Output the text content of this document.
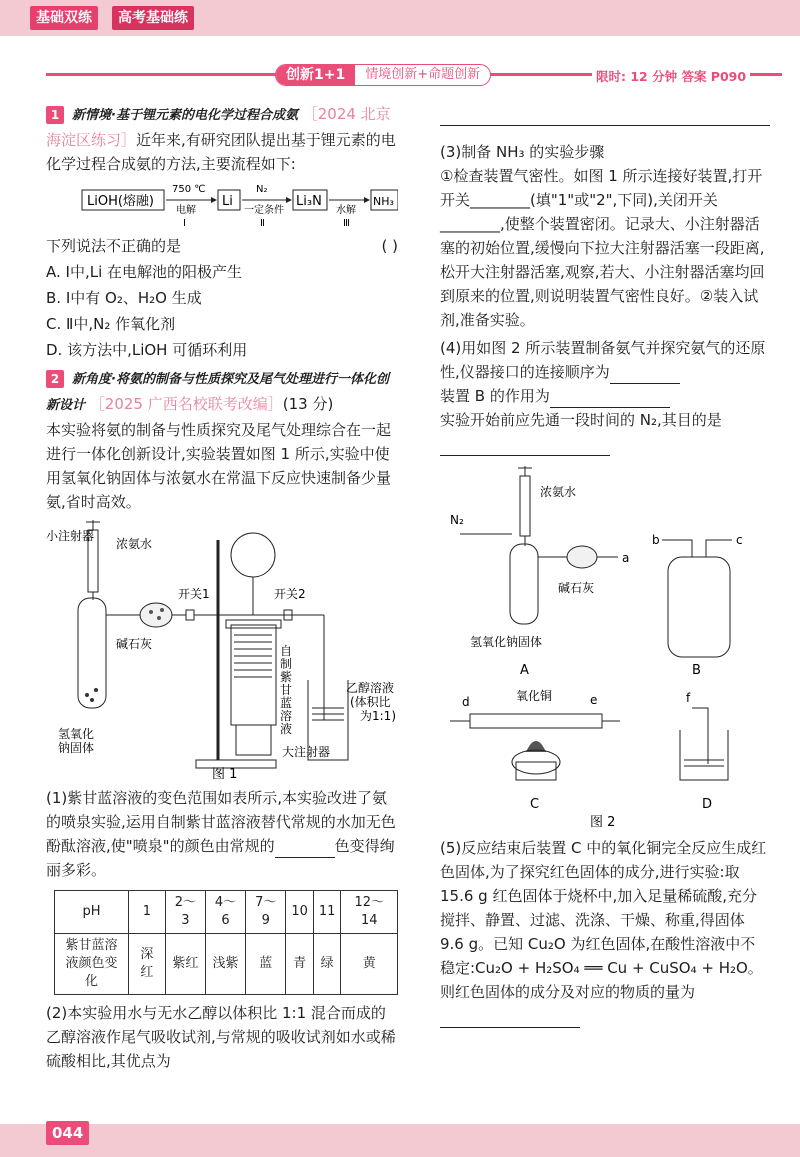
基础双练	高考基础练
创新1+1	情境创新+命题创新	限时: 12 分钟 答案 P090

1 新情境·基于锂元素的电化学过程合成氨 ［2024 北京海淀区练习］近年来,有研究团队提出基于锂元素的电化学过程合成氨的方法,主要流程如下:

LiOH(熔融)
750 ℃
电解
Ⅰ
Li
N₂
一定条件
Ⅱ
Li₃N
水解
Ⅲ
NH₃

下列说法不正确的是	( )

A. Ⅰ中,Li 在电解池的阳极产生

B. Ⅰ中有 O₂、H₂O 生成

C. Ⅱ中,N₂ 作氧化剂

D. 该方法中,LiOH 可循环利用

2 新角度·将氨的制备与性质探究及尾气处理进行一体化创新设计 ［2025 广西名校联考改编］(13 分)

本实验将氨的制备与性质探究及尾气处理综合在一起进行一体化创新设计,实验装置如图 1 所示,实验中使用氢氧化钠固体与浓氨水在常温下反应快速制备少量氨,省时高效。

小注射器
浓氨水
碱石灰
开关1
自制紫甘蓝溶液
大注射器
开关2
乙醇溶液(体积比为1:1)
氢氧化钠固体
图 1

(1)紫甘蓝溶液的变色范围如表所示,本实验改进了氨的喷泉实验,运用自制紫甘蓝溶液替代常规的水加无色酚酞溶液,使"喷泉"的颜色由常规的	色变得绚丽多彩。

pH	1	2～3	4～6	7～9	10	11	12～14
紫甘蓝溶液颜色变化	深红	紫红	浅紫	蓝	青	绿	黄

(2)本实验用水与无水乙醇以体积比 1:1 混合而成的乙醇溶液作尾气吸收试剂,与常规的吸收试剂如水或稀硫酸相比,其优点为

(3)制备 NH₃ 的实验步骤

①检查装置气密性。如图 1 所示连接好装置,打开开关________(填"1"或"2",下同),关闭开关________,使整个装置密闭。记录大、小注射器活塞的初始位置,缓慢向下拉大注射器活塞一段距离,松开大注射器活塞,观察,若大、小注射器活塞均回到原来的位置,则说明装置气密性良好。②装入试剂,准备实验。

(4)用如图 2 所示装置制备氨气并探究氨气的还原性,仪器接口的连接顺序为

装置 B 的作用为

实验开始前应先通一段时间的 N₂,其目的是

浓氨水
N₂
a
碱石灰
氢氧化钠固体
A
b	c
B
d	e
氧化铜
C
f
D
图 2

(5)反应结束后装置 C 中的氧化铜完全反应生成红色固体,为了探究红色固体的成分,进行实验:取 15.6 g 红色固体于烧杯中,加入足量稀硫酸,充分搅拌、静置、过滤、洗涤、干燥、称重,得固体 9.6 g。已知 Cu₂O 为红色固体,在酸性溶液中不稳定:Cu₂O + H₂SO₄ ══ Cu + CuSO₄ + H₂O。则红色固体的成分及对应的物质的量为

044
